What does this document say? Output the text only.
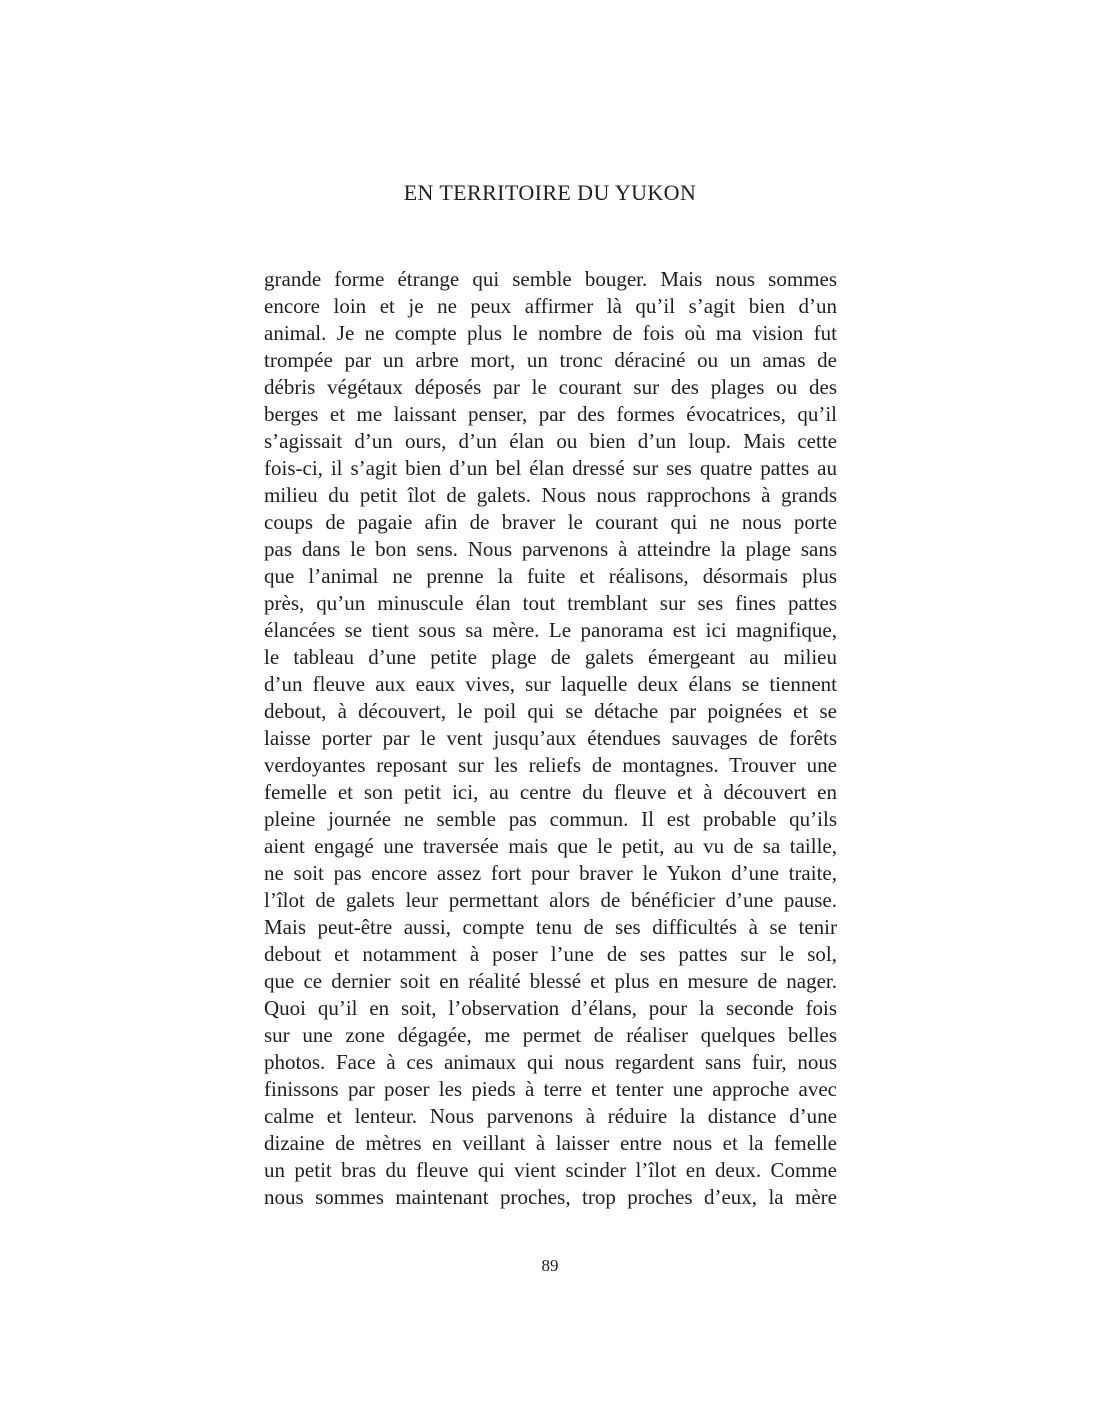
EN TERRITOIRE DU YUKON
grande forme étrange qui semble bouger. Mais nous sommes
encore loin et je ne peux affirmer là qu’il s’agit bien d’un
animal. Je ne compte plus le nombre de fois où ma vision fut
trompée par un arbre mort, un tronc déraciné ou un amas de
débris végétaux déposés par le courant sur des plages ou des
berges et me laissant penser, par des formes évocatrices, qu’il
s’agissait d’un ours, d’un élan ou bien d’un loup. Mais cette
fois-ci, il s’agit bien d’un bel élan dressé sur ses quatre pattes au
milieu du petit îlot de galets. Nous nous rapprochons à grands
coups de pagaie afin de braver le courant qui ne nous porte
pas dans le bon sens. Nous parvenons à atteindre la plage sans
que l’animal ne prenne la fuite et réalisons, désormais plus
près, qu’un minuscule élan tout tremblant sur ses fines pattes
élancées se tient sous sa mère. Le panorama est ici magnifique,
le tableau d’une petite plage de galets émergeant au milieu
d’un fleuve aux eaux vives, sur laquelle deux élans se tiennent
debout, à découvert, le poil qui se détache par poignées et se
laisse porter par le vent jusqu’aux étendues sauvages de forêts
verdoyantes reposant sur les reliefs de montagnes. Trouver une
femelle et son petit ici, au centre du fleuve et à découvert en
pleine journée ne semble pas commun. Il est probable qu’ils
aient engagé une traversée mais que le petit, au vu de sa taille,
ne soit pas encore assez fort pour braver le Yukon d’une traite,
l’îlot de galets leur permettant alors de bénéficier d’une pause.
Mais peut-être aussi, compte tenu de ses difficultés à se tenir
debout et notamment à poser l’une de ses pattes sur le sol,
que ce dernier soit en réalité blessé et plus en mesure de nager.
Quoi qu’il en soit, l’observation d’élans, pour la seconde fois
sur une zone dégagée, me permet de réaliser quelques belles
photos. Face à ces animaux qui nous regardent sans fuir, nous
finissons par poser les pieds à terre et tenter une approche avec
calme et lenteur. Nous parvenons à réduire la distance d’une
dizaine de mètres en veillant à laisser entre nous et la femelle
un petit bras du fleuve qui vient scinder l’îlot en deux. Comme
nous sommes maintenant proches, trop proches d’eux, la mère
89
